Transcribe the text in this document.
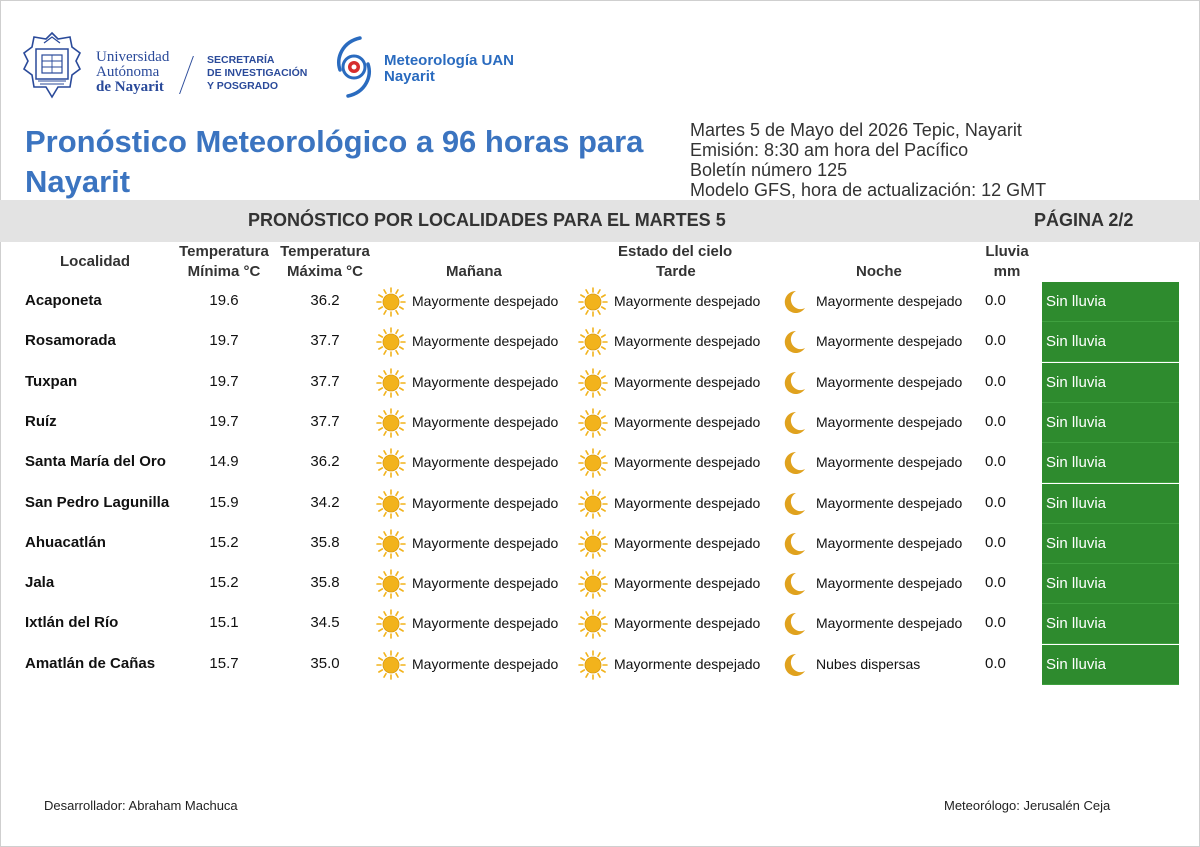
Universidad
Autónoma
de Nayarit
SECRETARÍA
DE INVESTIGACIÓN
Y POSGRADO
Meteorología UAN
Nayarit
Pronóstico Meteorológico a 96 horas para Nayarit
Martes 5 de Mayo del 2026 Tepic, Nayarit
Emisión: 8:30 am hora del Pacífico
Boletín número 125
Modelo GFS, hora de actualización: 12 GMT
PRONÓSTICO POR LOCALIDADES PARA EL MARTES 5	PÁGINA 2/2
Localidad
Temperatura
Mínima °C
Temperatura
Máxima °C	Mañana
Estado del cielo
Tarde	Noche
Lluvia
mm
Acaponeta	19.6	36.2	Mayormente despejado	Mayormente despejado	Mayormente despejado 0.0	Sin lluvia
Rosamorada	19.7	37.7	Mayormente despejado	Mayormente despejado	Mayormente despejado 0.0	Sin lluvia
Tuxpan	19.7	37.7	Mayormente despejado	Mayormente despejado	Mayormente despejado 0.0	Sin lluvia
Ruíz	19.7	37.7	Mayormente despejado	Mayormente despejado	Mayormente despejado 0.0	Sin lluvia
Santa María del Oro	14.9	36.2	Mayormente despejado	Mayormente despejado	Mayormente despejado 0.0	Sin lluvia
San Pedro Lagunilla	15.9	34.2	Mayormente despejado	Mayormente despejado	Mayormente despejado 0.0	Sin lluvia
Ahuacatlán	15.2	35.8	Mayormente despejado	Mayormente despejado	Mayormente despejado 0.0	Sin lluvia
Jala	15.2	35.8	Mayormente despejado	Mayormente despejado	Mayormente despejado 0.0	Sin lluvia
Ixtlán del Río	15.1	34.5	Mayormente despejado	Mayormente despejado	Mayormente despejado 0.0	Sin lluvia
Amatlán de Cañas	15.7	35.0	Mayormente despejado	Mayormente despejado	Nubes dispersas	0.0	Sin lluvia
Desarrollador: Abraham Machuca	Meteorólogo: Jerusalén Ceja
